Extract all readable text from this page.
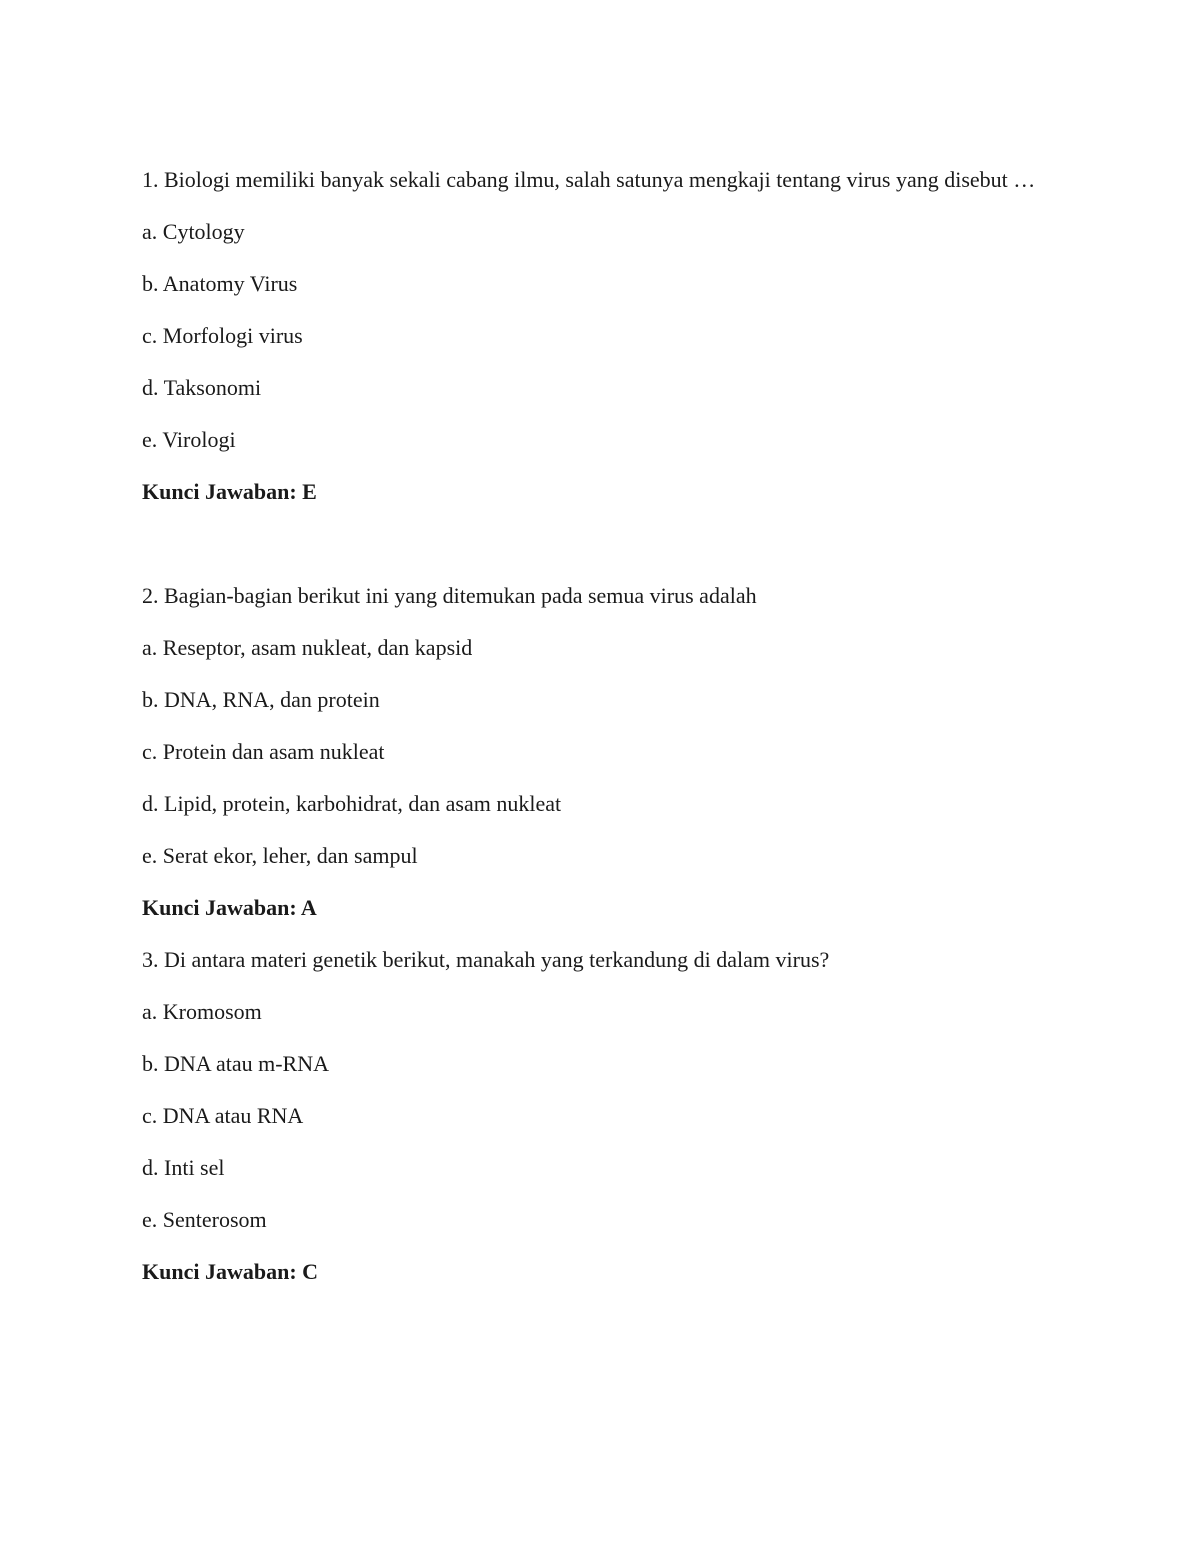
1. Biologi memiliki banyak sekali cabang ilmu, salah satunya mengkaji tentang virus yang disebut …

a. Cytology

b. Anatomy Virus

c. Morfologi virus

d. Taksonomi

e. Virologi

Kunci Jawaban: E

2. Bagian-bagian berikut ini yang ditemukan pada semua virus adalah

a. Reseptor, asam nukleat, dan kapsid

b. DNA, RNA, dan protein

c. Protein dan asam nukleat

d. Lipid, protein, karbohidrat, dan asam nukleat

e. Serat ekor, leher, dan sampul

Kunci Jawaban: A

3. Di antara materi genetik berikut, manakah yang terkandung di dalam virus?

a. Kromosom

b. DNA atau m-RNA

c. DNA atau RNA

d. Inti sel

e. Senterosom

Kunci Jawaban: C
